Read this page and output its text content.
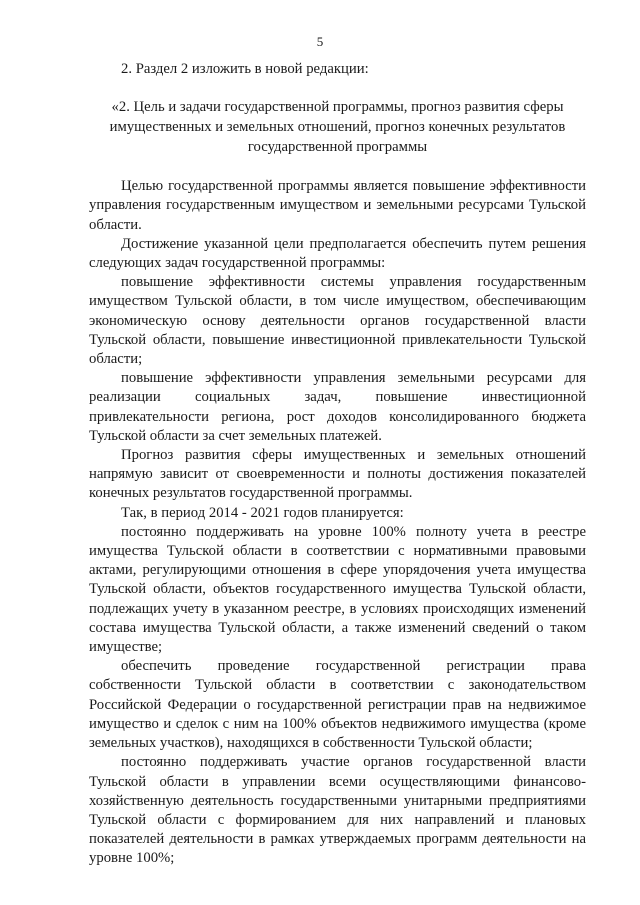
5

2. Раздел 2 изложить в новой редакции:

«2. Цель и задачи государственной программы, прогноз развития сферы имущественных и земельных отношений, прогноз конечных результатов государственной программы

Целью государственной программы является повышение эффективности управления государственным имуществом и земельными ресурсами Тульской области.

Достижение указанной цели предполагается обеспечить путем решения следующих задач государственной программы:

повышение эффективности системы управления государственным имуществом Тульской области, в том числе имуществом, обеспечивающим экономическую основу деятельности органов государственной власти Тульской области, повышение инвестиционной привлекательности Тульской области;

повышение эффективности управления земельными ресурсами для реализации социальных задач, повышение инвестиционной привлекательности региона, рост доходов консолидированного бюджета Тульской области за счет земельных платежей.

Прогноз развития сферы имущественных и земельных отношений напрямую зависит от своевременности и полноты достижения показателей конечных результатов государственной программы.

Так, в период 2014 - 2021 годов планируется:

постоянно поддерживать на уровне 100% полноту учета в реестре имущества Тульской области в соответствии с нормативными правовыми актами, регулирующими отношения в сфере упорядочения учета имущества Тульской области, объектов государственного имущества Тульской области, подлежащих учету в указанном реестре, в условиях происходящих изменений состава имущества Тульской области, а также изменений сведений о таком имуществе;

обеспечить проведение государственной регистрации права собственности Тульской области в соответствии с законодательством Российской Федерации о государственной регистрации прав на недвижимое имущество и сделок с ним на 100% объектов недвижимого имущества (кроме земельных участков), находящихся в собственности Тульской области;

постоянно поддерживать участие органов государственной власти Тульской области в управлении всеми осуществляющими финансово-хозяйственную деятельность государственными унитарными предприятиями Тульской области с формированием для них направлений и плановых показателей деятельности в рамках утверждаемых программ деятельности на уровне 100%;
